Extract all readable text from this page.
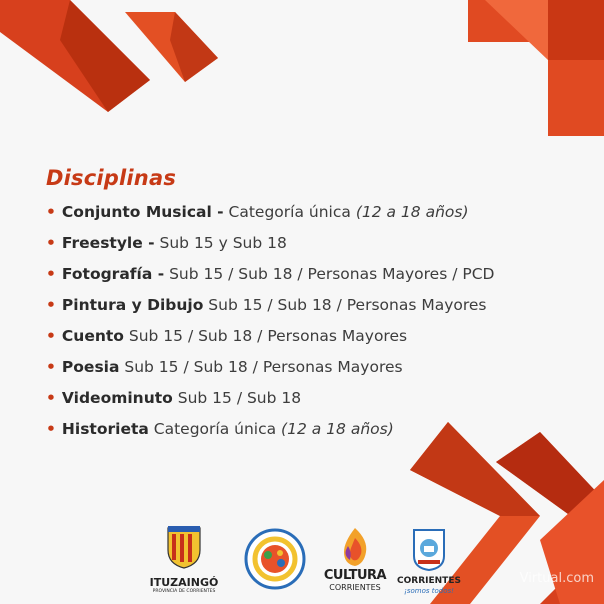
Disciplinas
• Conjunto Musical - Categoría única (12 a 18 años)
• Freestyle - Sub 15 y Sub 18
• Fotografía - Sub 15 / Sub 18 / Personas Mayores / PCD
• Pintura y Dibujo Sub 15 / Sub 18 / Personas Mayores
• Cuento Sub 15 / Sub 18 / Personas Mayores
• Poesia Sub 15 / Sub 18 / Personas Mayores
• Videominuto Sub 15 / Sub 18
• Historieta Categoría única (12 a 18 años)
ITUZAINGÓ
PROVINCIA DE CORRIENTES
CULTURA
CORRIENTES
CORRIENTES
¡somos todos!
Virtual.com
